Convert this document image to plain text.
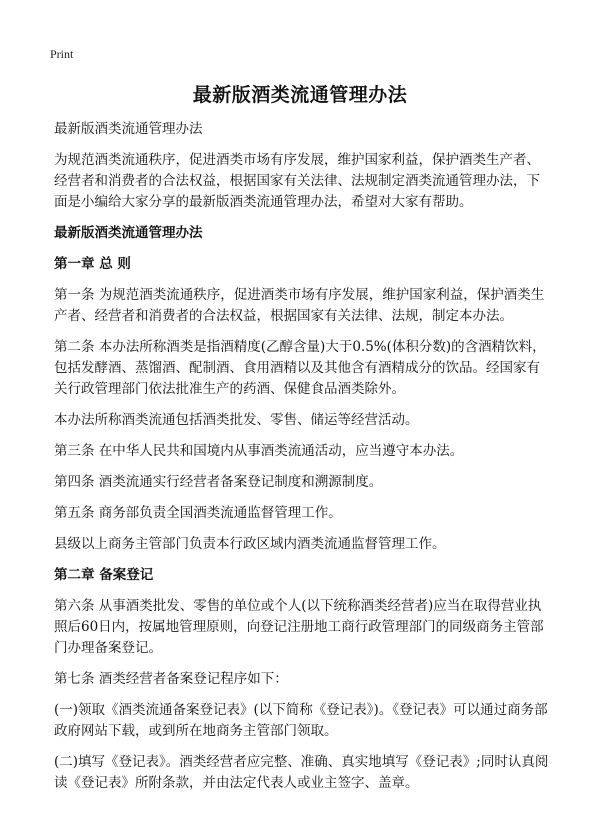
Print
最新版酒类流通管理办法

最新版酒类流通管理办法

为规范酒类流通秩序，促进酒类市场有序发展，维护国家利益，保护酒类生产者、经营者和消费者的合法权益，根据国家有关法律、法规制定酒类流通管理办法，下面是小编给大家分享的最新版酒类流通管理办法，希望对大家有帮助。

最新版酒类流通管理办法
第一章 总 则

第一条 为规范酒类流通秩序，促进酒类市场有序发展，维护国家利益，保护酒类生产者、经营者和消费者的合法权益，根据国家有关法律、法规，制定本办法。

第二条 本办法所称酒类是指酒精度(乙醇含量)大于0.5%(体积分数)的含酒精饮料，包括发酵酒、蒸馏酒、配制酒、食用酒精以及其他含有酒精成分的饮品。经国家有关行政管理部门依法批准生产的药酒、保健食品酒类除外。

本办法所称酒类流通包括酒类批发、零售、储运等经营活动。

第三条 在中华人民共和国境内从事酒类流通活动，应当遵守本办法。

第四条 酒类流通实行经营者备案登记制度和溯源制度。

第五条 商务部负责全国酒类流通监督管理工作。

县级以上商务主管部门负责本行政区域内酒类流通监督管理工作。

第二章 备案登记

第六条 从事酒类批发、零售的单位或个人(以下统称酒类经营者)应当在取得营业执照后60日内，按属地管理原则，向登记注册地工商行政管理部门的同级商务主管部门办理备案登记。

第七条 酒类经营者备案登记程序如下：

(一)领取《酒类流通备案登记表》(以下简称《登记表》)。《登记表》可以通过商务部政府网站下载，或到所在地商务主管部门领取。

(二)填写《登记表》。酒类经营者应完整、准确、真实地填写《登记表》;同时认真阅读《登记表》所附条款，并由法定代表人或业主签字、盖章。
